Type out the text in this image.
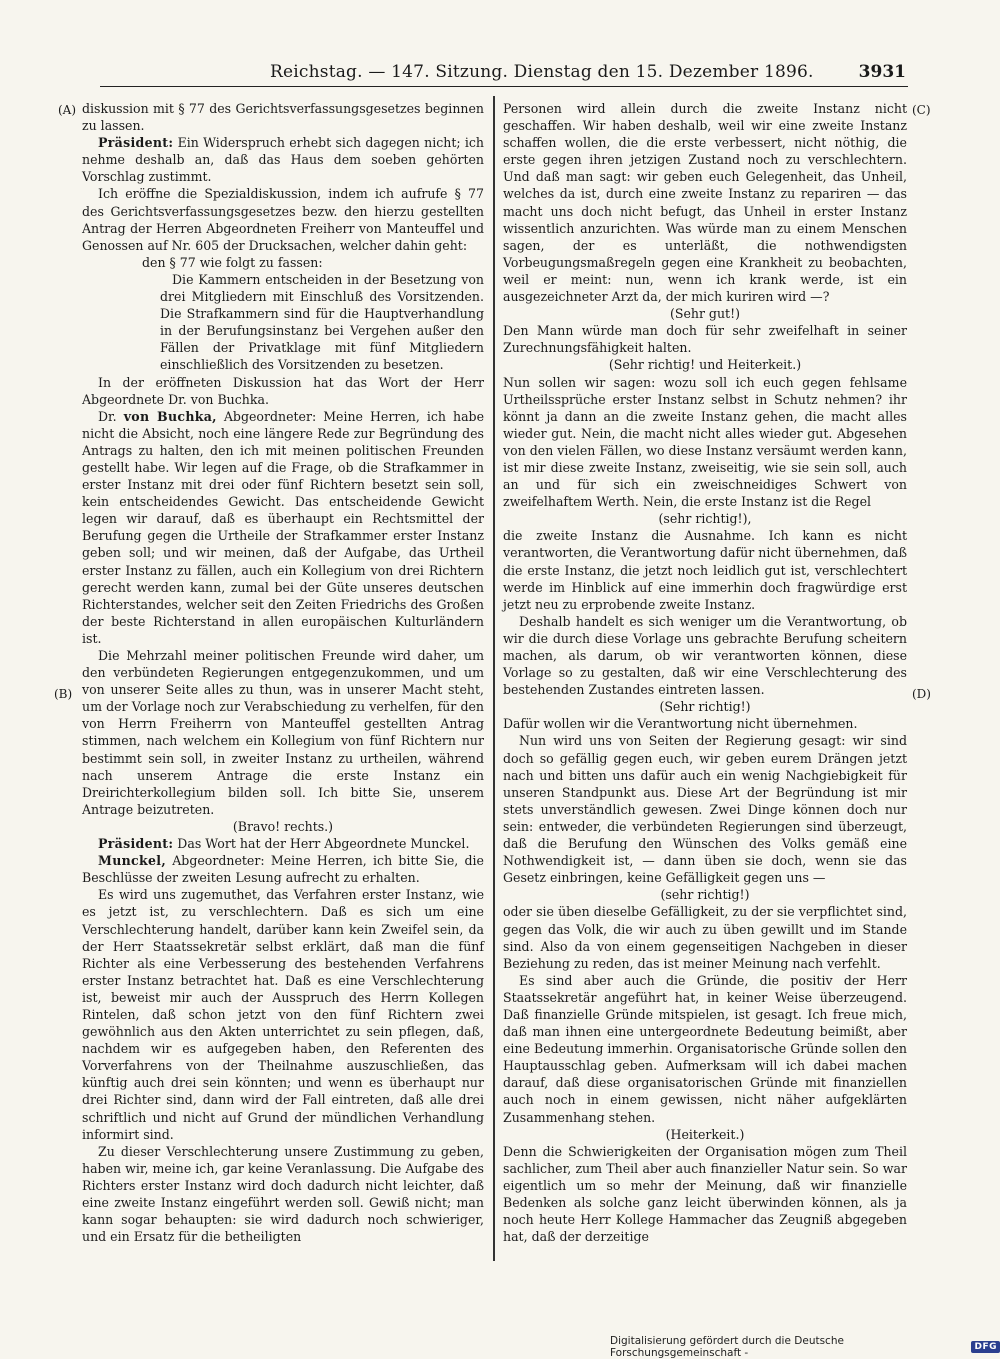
Reichstag. — 147. Sitzung. Dienstag den 15. Dezember 1896.	3931
(A)
(B)
(C)
(D)

diskussion mit § 77 des Gerichtsverfassungsgesetzes beginnen zu lassen.

Präsident: Ein Widerspruch erhebt sich dagegen nicht; ich nehme deshalb an, daß das Haus dem soeben gehörten Vorschlag zustimmt.

Ich eröffne die Spezialdiskussion, indem ich aufrufe § 77 des Gerichtsverfassungsgesetzes bezw. den hierzu gestellten Antrag der Herren Abgeordneten Freiherr von Manteuffel und Genossen auf Nr. 605 der Drucksachen, welcher dahin geht:

den § 77 wie folgt zu fassen:

Die Kammern entscheiden in der Besetzung von drei Mitgliedern mit Einschluß des Vorsitzenden. Die Strafkammern sind für die Hauptverhandlung in der Berufungsinstanz bei Vergehen außer den Fällen der Privatklage mit fünf Mitgliedern einschließlich des Vorsitzenden zu besetzen.

In der eröffneten Diskussion hat das Wort der Herr Abgeordnete Dr. von Buchka.

Dr. von Buchka, Abgeordneter: Meine Herren, ich habe nicht die Absicht, noch eine längere Rede zur Begründung des Antrags zu halten, den ich mit meinen politischen Freunden gestellt habe. Wir legen auf die Frage, ob die Strafkammer in erster Instanz mit drei oder fünf Richtern besetzt sein soll, kein entscheidendes Gewicht. Das entscheidende Gewicht legen wir darauf, daß es überhaupt ein Rechtsmittel der Berufung gegen die Urtheile der Strafkammer erster Instanz geben soll; und wir meinen, daß der Aufgabe, das Urtheil erster Instanz zu fällen, auch ein Kollegium von drei Richtern gerecht werden kann, zumal bei der Güte unseres deutschen Richterstandes, welcher seit den Zeiten Friedrichs des Großen der beste Richterstand in allen europäischen Kulturländern ist.

Die Mehrzahl meiner politischen Freunde wird daher, um den verbündeten Regierungen entgegenzukommen, und um von unserer Seite alles zu thun, was in unserer Macht steht, um der Vorlage noch zur Verabschiedung zu verhelfen, für den von Herrn Freiherrn von Manteuffel gestellten Antrag stimmen, nach welchem ein Kollegium von fünf Richtern nur bestimmt sein soll, in zweiter Instanz zu urtheilen, während nach unserem Antrage die erste Instanz ein Dreirichterkollegium bilden soll. Ich bitte Sie, unserem Antrage beizutreten.

(Bravo! rechts.)

Präsident: Das Wort hat der Herr Abgeordnete Munckel.

Munckel, Abgeordneter: Meine Herren, ich bitte Sie, die Beschlüsse der zweiten Lesung aufrecht zu erhalten.

Es wird uns zugemuthet, das Verfahren erster Instanz, wie es jetzt ist, zu verschlechtern. Daß es sich um eine Verschlechterung handelt, darüber kann kein Zweifel sein, da der Herr Staatssekretär selbst erklärt, daß man die fünf Richter als eine Verbesserung des bestehenden Verfahrens erster Instanz betrachtet hat. Daß es eine Verschlechterung ist, beweist mir auch der Ausspruch des Herrn Kollegen Rintelen, daß schon jetzt von den fünf Richtern zwei gewöhnlich aus den Akten unterrichtet zu sein pflegen, daß, nachdem wir es aufgegeben haben, den Referenten des Vorverfahrens von der Theilnahme auszuschließen, das künftig auch drei sein könnten; und wenn es überhaupt nur drei Richter sind, dann wird der Fall eintreten, daß alle drei schriftlich und nicht auf Grund der mündlichen Verhandlung informirt sind.

Zu dieser Verschlechterung unsere Zustimmung zu geben, haben wir, meine ich, gar keine Veranlassung. Die Aufgabe des Richters erster Instanz wird doch dadurch nicht leichter, daß eine zweite Instanz eingeführt werden soll. Gewiß nicht; man kann sogar behaupten: sie wird dadurch noch schwieriger, und ein Ersatz für die betheiligten

Personen wird allein durch die zweite Instanz nicht geschaffen. Wir haben deshalb, weil wir eine zweite Instanz schaffen wollen, die die erste verbessert, nicht nöthig, die erste gegen ihren jetzigen Zustand noch zu verschlechtern. Und daß man sagt: wir geben euch Gelegenheit, das Unheil, welches da ist, durch eine zweite Instanz zu repariren — das macht uns doch nicht befugt, das Unheil in erster Instanz wissentlich anzurichten. Was würde man zu einem Menschen sagen, der es unterläßt, die nothwendigsten Vorbeugungsmaßregeln gegen eine Krankheit zu beobachten, weil er meint: nun, wenn ich krank werde, ist ein ausgezeichneter Arzt da, der mich kuriren wird —?

(Sehr gut!)

Den Mann würde man doch für sehr zweifelhaft in seiner Zurechnungsfähigkeit halten.

(Sehr richtig! und Heiterkeit.)

Nun sollen wir sagen: wozu soll ich euch gegen fehlsame Urtheilssprüche erster Instanz selbst in Schutz nehmen? ihr könnt ja dann an die zweite Instanz gehen, die macht alles wieder gut. Nein, die macht nicht alles wieder gut. Abgesehen von den vielen Fällen, wo diese Instanz versäumt werden kann, ist mir diese zweite Instanz, zweiseitig, wie sie sein soll, auch an und für sich ein zweischneidiges Schwert von zweifelhaftem Werth. Nein, die erste Instanz ist die Regel

(sehr richtig!),

die zweite Instanz die Ausnahme. Ich kann es nicht verantworten, die Verantwortung dafür nicht übernehmen, daß die erste Instanz, die jetzt noch leidlich gut ist, verschlechtert werde im Hinblick auf eine immerhin doch fragwürdige erst jetzt neu zu erprobende zweite Instanz.

Deshalb handelt es sich weniger um die Verantwortung, ob wir die durch diese Vorlage uns gebrachte Berufung scheitern machen, als darum, ob wir verantworten können, diese Vorlage so zu gestalten, daß wir eine Verschlechterung des bestehenden Zustandes eintreten lassen.

(Sehr richtig!)

Dafür wollen wir die Verantwortung nicht übernehmen.

Nun wird uns von Seiten der Regierung gesagt: wir sind doch so gefällig gegen euch, wir geben eurem Drängen jetzt nach und bitten uns dafür auch ein wenig Nachgiebigkeit für unseren Standpunkt aus. Diese Art der Begründung ist mir stets unverständlich gewesen. Zwei Dinge können doch nur sein: entweder, die verbündeten Regierungen sind überzeugt, daß die Berufung den Wünschen des Volks gemäß eine Nothwendigkeit ist, — dann üben sie doch, wenn sie das Gesetz einbringen, keine Gefälligkeit gegen uns —

(sehr richtig!)

oder sie üben dieselbe Gefälligkeit, zu der sie verpflichtet sind, gegen das Volk, die wir auch zu üben gewillt und im Stande sind. Also da von einem gegenseitigen Nachgeben in dieser Beziehung zu reden, das ist meiner Meinung nach verfehlt.

Es sind aber auch die Gründe, die positiv der Herr Staatssekretär angeführt hat, in keiner Weise überzeugend. Daß finanzielle Gründe mitspielen, ist gesagt. Ich freue mich, daß man ihnen eine untergeordnete Bedeutung beimißt, aber eine Bedeutung immerhin. Organisatorische Gründe sollen den Hauptausschlag geben. Aufmerksam will ich dabei machen darauf, daß diese organisatorischen Gründe mit finanziellen auch noch in einem gewissen, nicht näher aufgeklärten Zusammenhang stehen.

(Heiterkeit.)

Denn die Schwierigkeiten der Organisation mögen zum Theil sachlicher, zum Theil aber auch finanzieller Natur sein. So war eigentlich um so mehr der Meinung, daß wir finanzielle Bedenken als solche ganz leicht überwinden können, als ja noch heute Herr Kollege Hammacher das Zeugniß abgegeben hat, daß der derzeitige

Digitalisierung gefördert durch die Deutsche Forschungsgemeinschaft -	DFG
